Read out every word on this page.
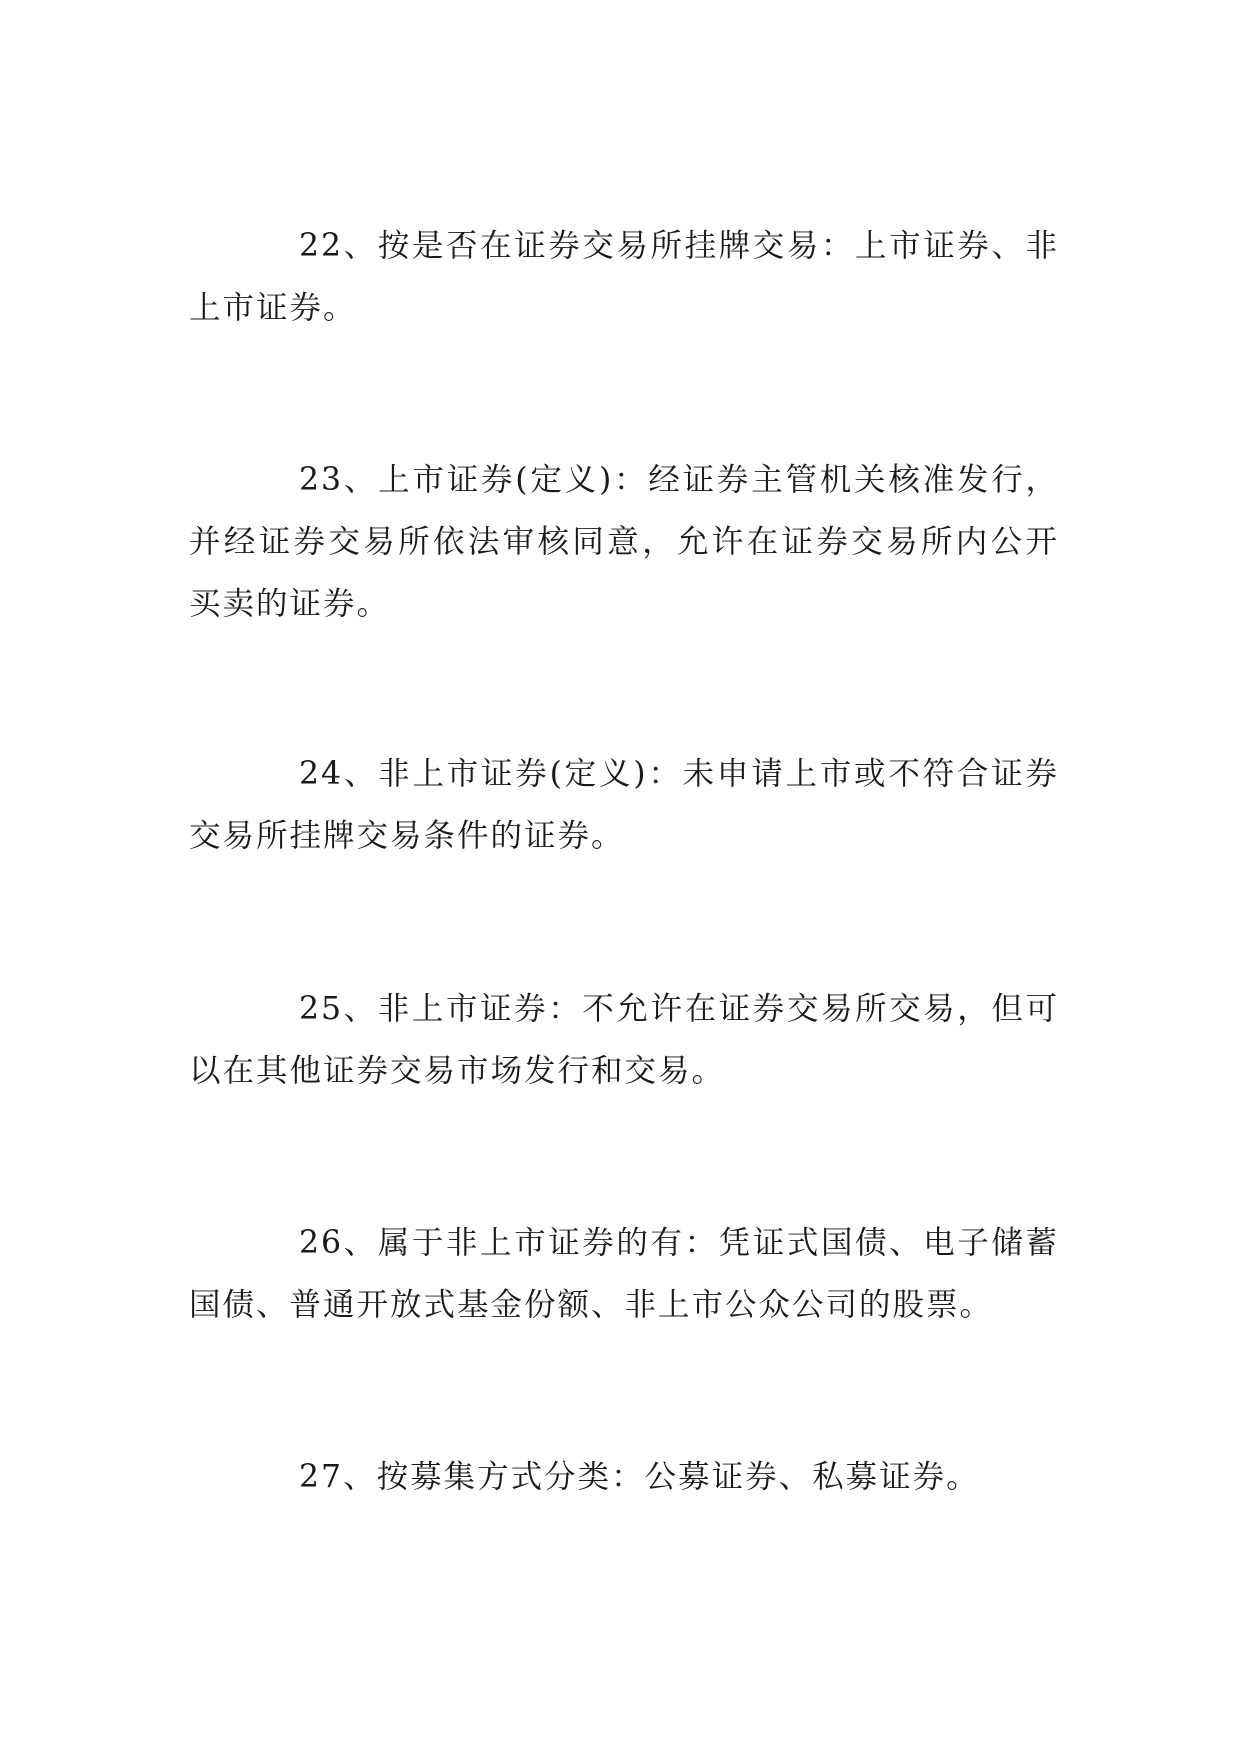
22、按是否在证券交易所挂牌交易：上市证券、非上市证券。

23、上市证券(定义)：经证券主管机关核准发行，并经证券交易所依法审核同意，允许在证券交易所内公开买卖的证券。

24、非上市证券(定义)：未申请上市或不符合证券交易所挂牌交易条件的证券。

25、非上市证券：不允许在证券交易所交易，但可以在其他证券交易市场发行和交易。

26、属于非上市证券的有：凭证式国债、电子储蓄国债、普通开放式基金份额、非上市公众公司的股票。

27、按募集方式分类：公募证券、私募证券。
